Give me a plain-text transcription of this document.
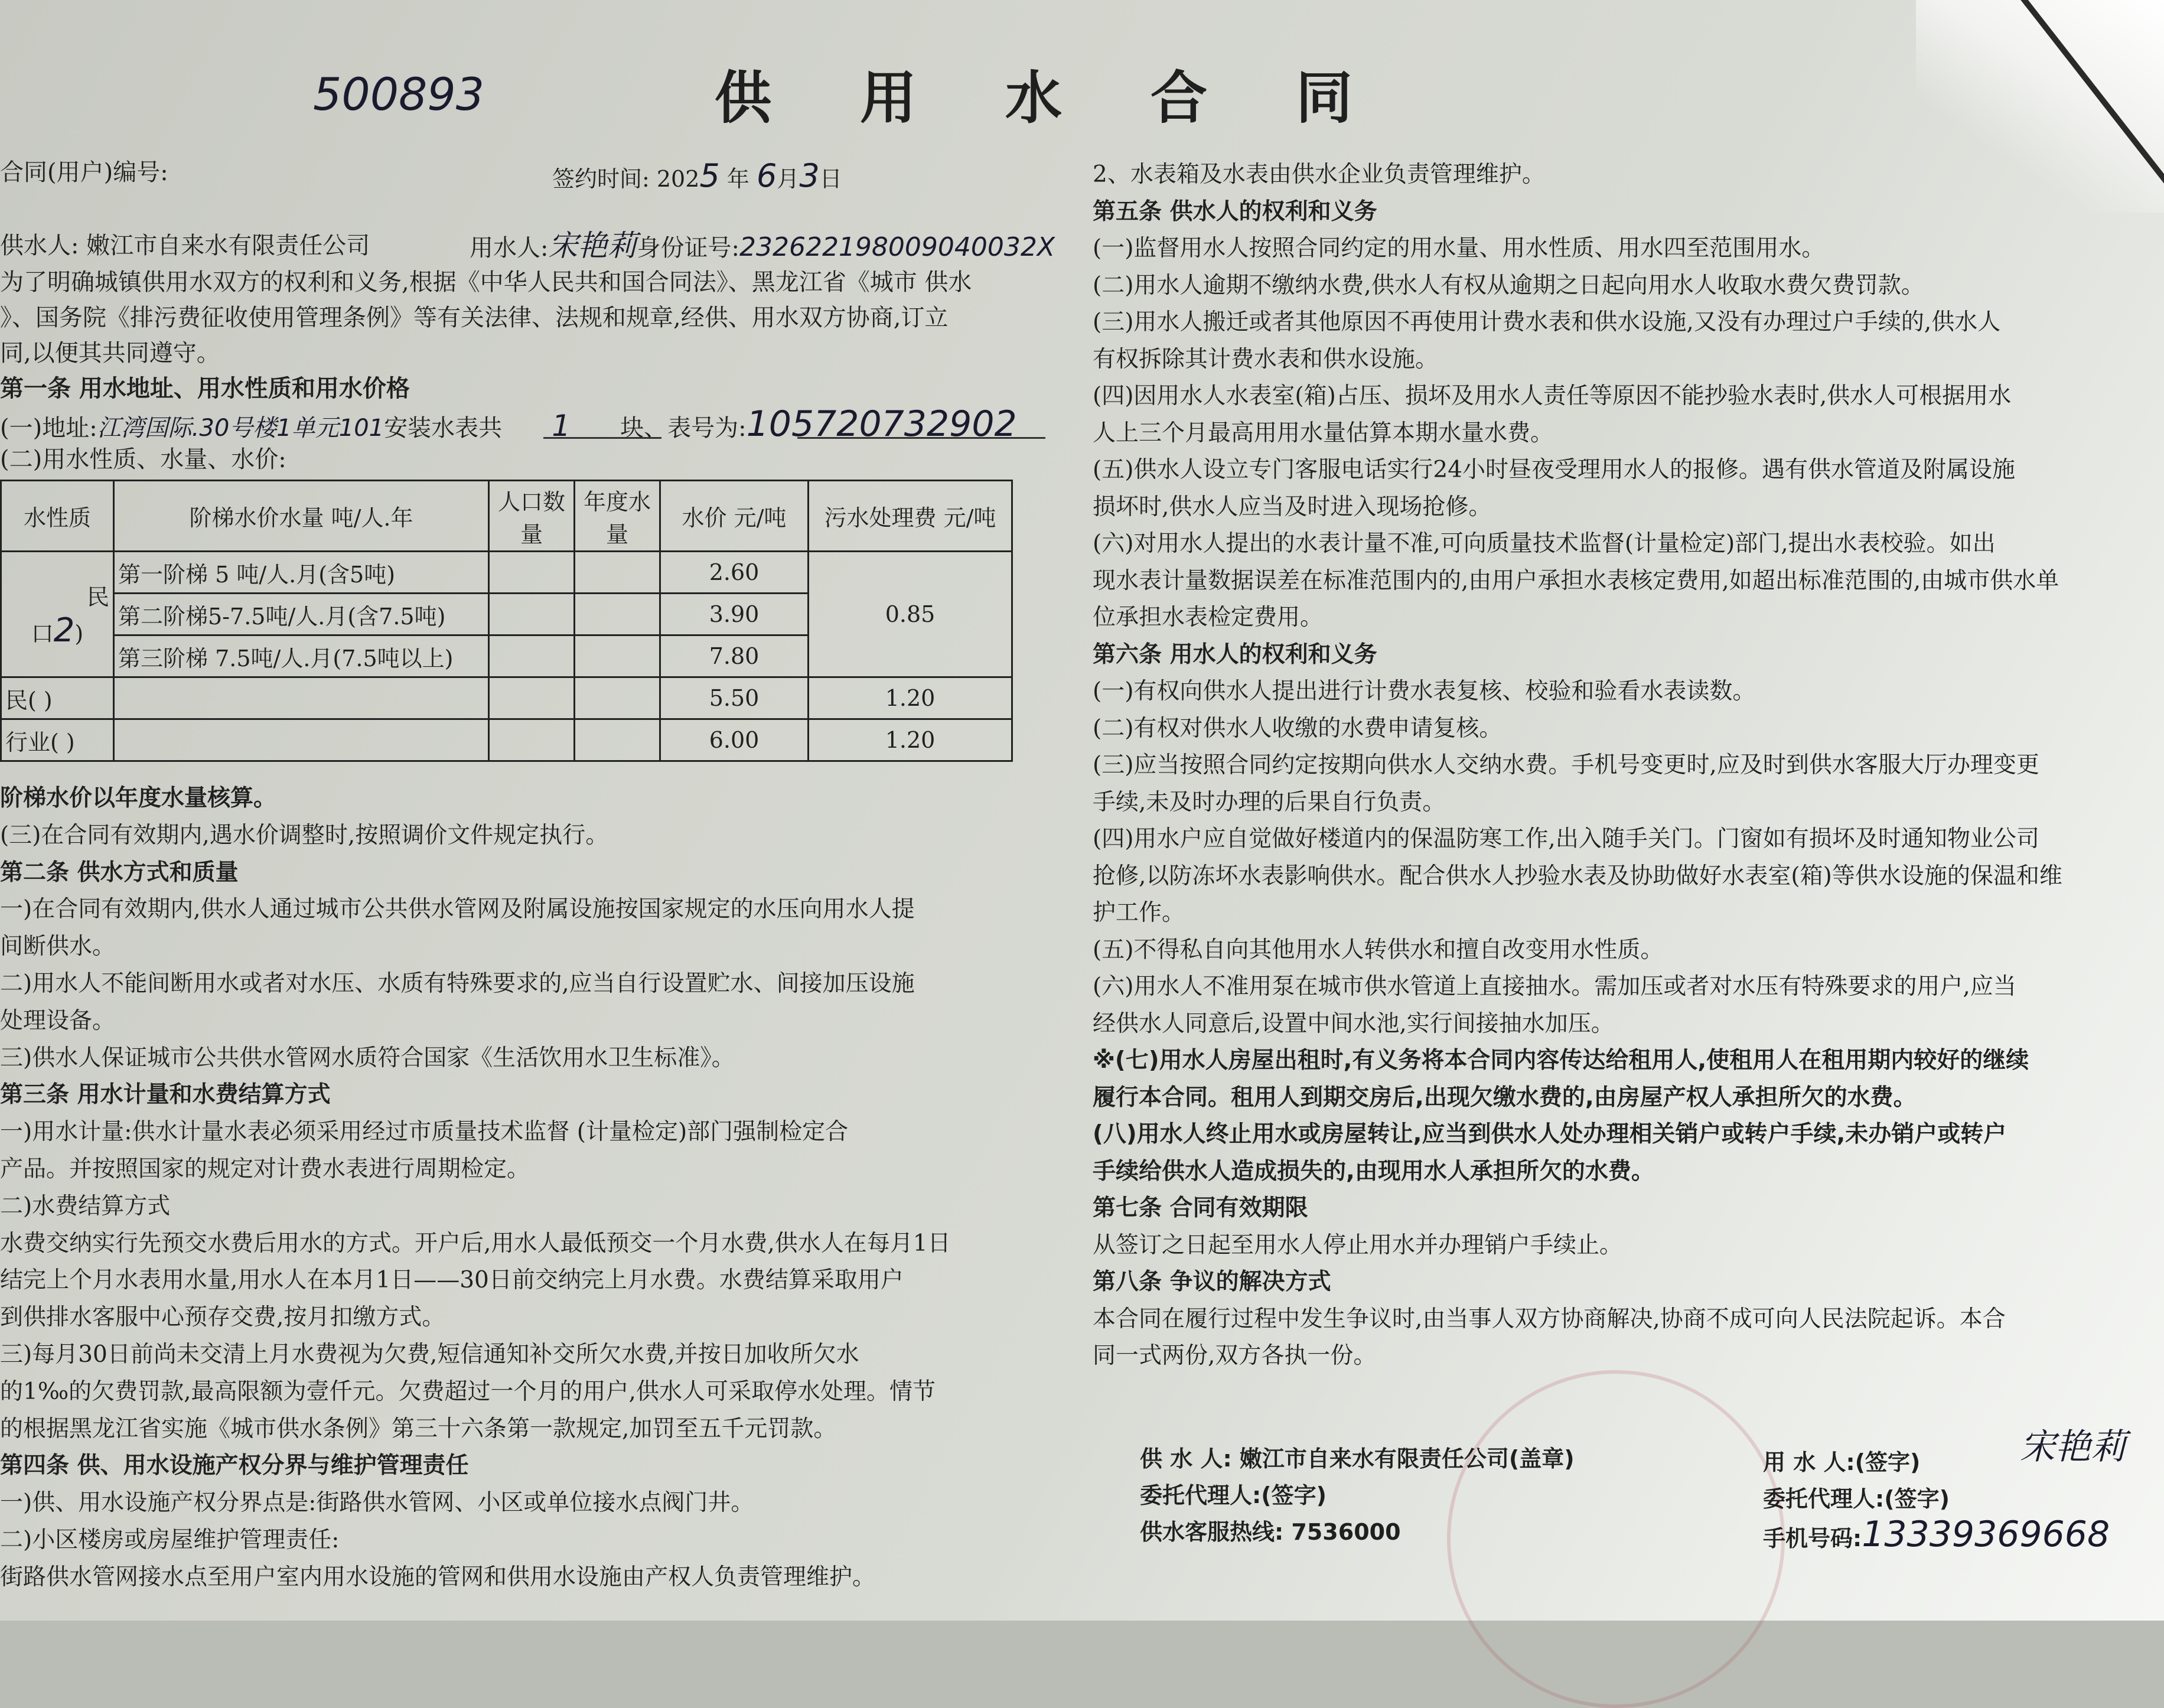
500893	供用水合同
合同(用户)编号:	签约时间: 2025 年 6月3日
供水人: 嫩江市自来水有限责任公司	用水人:宋艳莉身份证号:232622198009040032X
为了明确城镇供用水双方的权利和义务,根据《中华人民共和国合同法》、黑龙江省《城市 供水
》、国务院《排污费征收使用管理条例》等有关法律、法规和规章,经供、用水双方协商,订立
同,以便其共同遵守。
第一条 用水地址、用水性质和用水价格
(一)地址:江湾国际.30号楼1单元101安装水表共 1 块、表号为:1057207329​02
(二)用水性质、水量、水价:
水性质	阶梯水价水量 吨/人.年	人口数量	年度水量	水价 元/吨	污水处理费 元/吨

民
口2)	第一阶梯 5 吨/人.月(含5吨)			2.60	0.85
	第二阶梯5-7.5吨/人.月(含7.5吨)			3.90	
	第三阶梯 7.5吨/人.月(7.5吨以上)			7.80	
民( )				5.50	1.20
行业( )				6.00	1.20
阶梯水价以年度水量核算。
(三)在合同有效期内,遇水价调整时,按照调价文件规定执行。
第二条 供水方式和质量
一)在合同有效期内,供水人通过城市公共供水管网及附属设施按国家规定的水压向用水人提
间断供水。
二)用水人不能间断用水或者对水压、水质有特殊要求的,应当自行设置贮水、间接加压设施
处理设备。
三)供水人保证城市公共供水管网水质符合国家《生活饮用水卫生标准》。
第三条 用水计量和水费结算方式
一)用水计量:供水计量水表必须采用经过市质量技术监督 (计量检定)部门强制检定合
产品。并按照国家的规定对计费水表进行周期检定。
二)水费结算方式
水费交纳实行先预交水费后用水的方式。开户后,用水人最低预交一个月水费,供水人在每月1日
结完上个月水表用水量,用水人在本月1日——30日前交纳完上月水费。水费结算采取用户
到供排水客服中心预存交费,按月扣缴方式。
三)每月30日前尚未交清上月水费视为欠费,短信通知补交所欠水费,并按日加收所欠水
的1‰的欠费罚款,最高限额为壹仟元。欠费超过一个月的用户,供水人可采取停水处理。情节
的根据黑龙江省实施《城市供水条例》第三十六条第一款规定,加罚至五千元罚款。
第四条 供、用水设施产权分界与维护管理责任
一)供、用水设施产权分界点是:街路供水管网、小区或单位接水点阀门井。
二)小区楼房或房屋维护管理责任:
街路供水管网接水点至用户室内用水设施的管网和供用水设施由产权人负责管理维护。
2、水表箱及水表由供水企业负责管理维护。
第五条 供水人的权利和义务
(一)监督用水人按照合同约定的用水量、用水性质、用水四至范围用水。
(二)用水人逾期不缴纳水费,供水人有权从逾期之日起向用水人收取水费欠费罚款。
(三)用水人搬迁或者其他原因不再使用计费水表和供水设施,又没有办理过户手续的,供水人
有权拆除其计费水表和供水设施。
(四)因用水人水表室(箱)占压、损坏及用水人责任等原因不能抄验水表时,供水人可根据用水
人上三个月最高用用水量估算本期水量水费。
(五)供水人设立专门客服电话实行24小时昼夜受理用水人的报修。遇有供水管道及附属设施
损坏时,供水人应当及时进入现场抢修。
(六)对用水人提出的水表计量不准,可向质量技术监督(计量检定)部门,提出水表校验。如出
现水表计量数据误差在标准范围内的,由用户承担水表核定费用,如超出标准范围的,由城市供水单
位承担水表检定费用。
第六条 用水人的权利和义务
(一)有权向供水人提出进行计费水表复核、校验和验看水表读数。
(二)有权对供水人收缴的水费申请复核。
(三)应当按照合同约定按期向供水人交纳水费。手机号变更时,应及时到供水客服大厅办理变更
手续,未及时办理的后果自行负责。
(四)用水户应自觉做好楼道内的保温防寒工作,出入随手关门。门窗如有损坏及时通知物业公司
抢修,以防冻坏水表影响供水。配合供水人抄验水表及协助做好水表室(箱)等供水设施的保温和维
护工作。
(五)不得私自向其他用水人转供水和擅自改变用水性质。
(六)用水人不准用泵在城市供水管道上直接抽水。需加压或者对水压有特殊要求的用户,应当
经供水人同意后,设置中间水池,实行间接抽水加压。
※(七)用水人房屋出租时,有义务将本合同内容传达给租用人,使租用人在租用期内较好的继续
履行本合同。租用人到期交房后,出现欠缴水费的,由房屋产权人承担所欠的水费。
(八)用水人终止用水或房屋转让,应当到供水人处办理相关销户或转户手续,未办销户或转户
手续给供水人造成损失的,由现用水人承担所欠的水费。
第七条 合同有效期限
从签订之日起至用水人停止用水并办理销户手续止。
第八条 争议的解决方式
本合同在履行过程中发生争议时,由当事人双方协商解决,协商不成可向人民法院起诉。本合
同一式两份,双方各执一份。
供 水 人: 嫩江市自来水有限责任公司(盖章)
委托代理人:(签字)
供水客服热线: 7536000
用 水 人:(签字)	宋艳莉
委托代理人:(签字)
手机号码:13339369668
